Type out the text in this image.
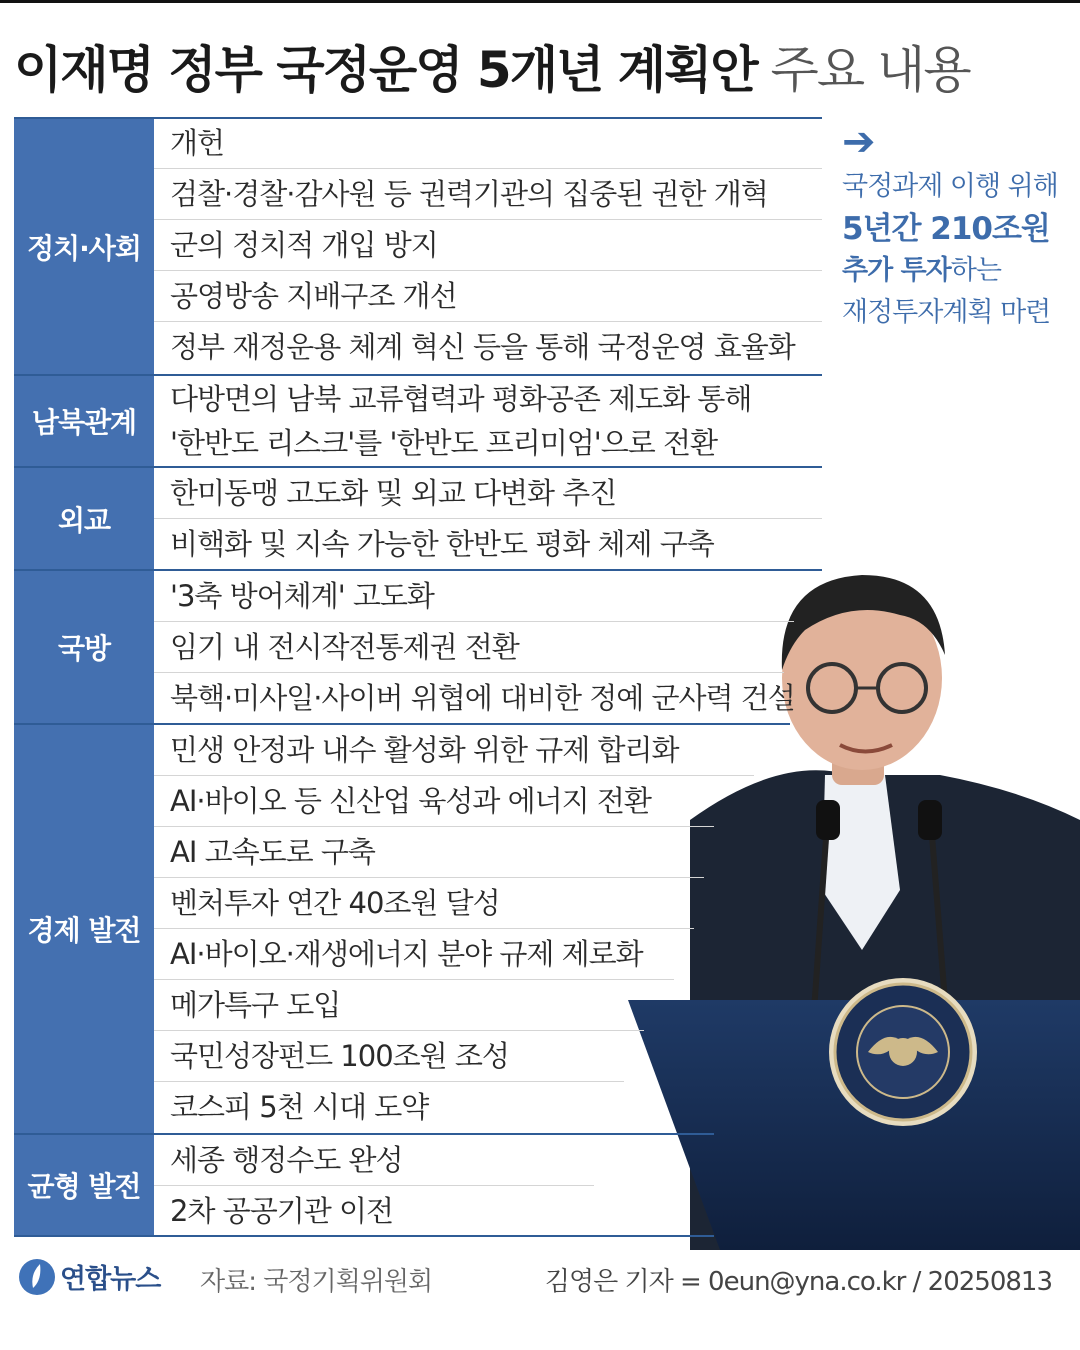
이재명 정부 국정운영 5개년 계획안 주요 내용
정치·사회
남북관계
외교
국방
경제 발전
균형 발전
개헌
검찰·경찰·감사원 등 권력기관의 집중된 권한 개혁
군의 정치적 개입 방지
공영방송 지배구조 개선
정부 재정운용 체계 혁신 등을 통해 국정운영 효율화
다방면의 남북 교류협력과 평화공존 제도화 통해
'한반도 리스크'를 '한반도 프리미엄'으로 전환
한미동맹 고도화 및 외교 다변화 추진
비핵화 및 지속 가능한 한반도 평화 체제 구축
'3축 방어체계' 고도화
임기 내 전시작전통제권 전환
북핵·미사일·사이버 위협에 대비한 정예 군사력 건설
민생 안정과 내수 활성화 위한 규제 합리화
AI·바이오 등 신산업 육성과 에너지 전환
AI 고속도로 구축
벤처투자 연간 40조원 달성
AI·바이오·재생에너지 분야 규제 제로화
메가특구 도입
국민성장펀드 100조원 조성
코스피 5천 시대 도약
세종 행정수도 완성
2차 공공기관 이전
➔
국정과제 이행 위해
5년간 210조원
추가 투자하는
재정투자계획 마련
연합뉴스 자료: 국정기획위원회	김영은 기자 = 0eun@yna.co.kr / 20250813
